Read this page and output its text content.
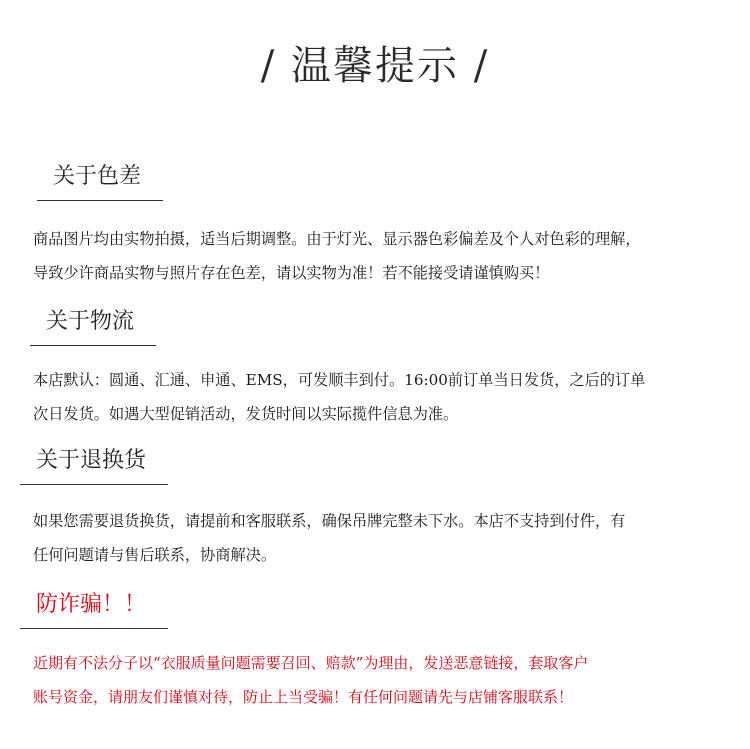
/ 温馨提示 /
关于色差
商品图片均由实物拍摄，适当后期调整。由于灯光、显示器色彩偏差及个人对色彩的理解，
导致少许商品实物与照片存在色差，请以实物为准！若不能接受请谨慎购买！
关于物流
本店默认：圆通、汇通、申通、EMS，可发顺丰到付。16:00前订单当日发货，之后的订单
次日发货。如遇大型促销活动，发货时间以实际揽件信息为准。
关于退换货
如果您需要退货换货，请提前和客服联系，确保吊牌完整未下水。本店不支持到付件，有
任何问题请与售后联系，协商解决。
防诈骗！！
近期有不法分子以“衣服质量问题需要召回、赔款”为理由，发送恶意链接，套取客户
账号资金，请朋友们谨慎对待，防止上当受骗！有任何问题请先与店铺客服联系！
